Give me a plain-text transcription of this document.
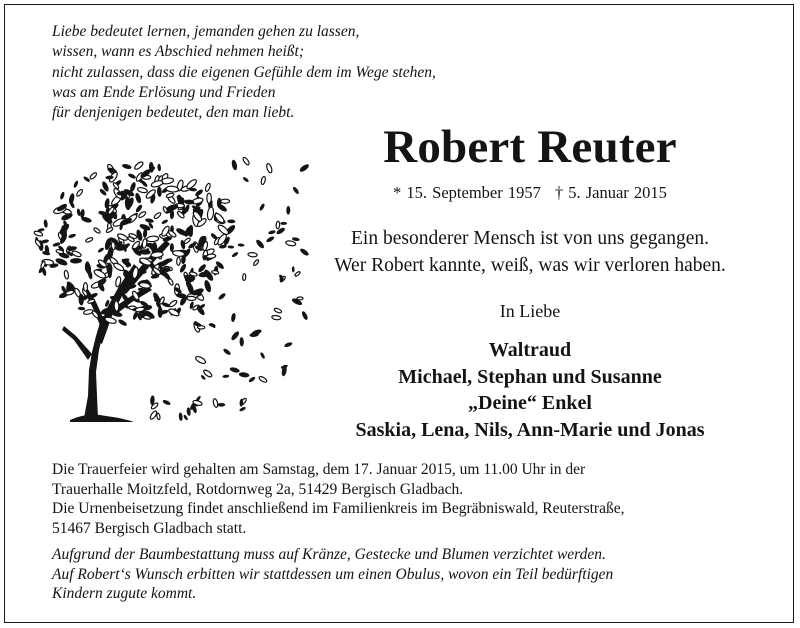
Liebe bedeutet lernen, jemanden gehen zu lassen,
wissen, wann es Abschied nehmen heißt;
nicht zulassen, dass die eigenen Gefühle dem im Wege stehen,
was am Ende Erlösung und Frieden
für denjenigen bedeutet, den man liebt.
Robert Reuter
* 15. September 1957 † 5. Januar 2015
Ein besonderer Mensch ist von uns gegangen.
Wer Robert kannte, weiß, was wir verloren haben.
In Liebe
Waltraud
Michael, Stephan und Susanne
„Deine“ Enkel
Saskia, Lena, Nils, Ann-Marie und Jonas
Die Trauerfeier wird gehalten am Samstag, dem 17. Januar 2015, um 11.00 Uhr in der
Trauerhalle Moitzfeld, Rotdornweg 2a, 51429 Bergisch Gladbach.
Die Urnenbeisetzung findet anschließend im Familienkreis im Begräbniswald, Reuterstraße,
51467 Bergisch Gladbach statt.
Aufgrund der Baumbestattung muss auf Kränze, Gestecke und Blumen verzichtet werden.
Auf Robert‘s Wunsch erbitten wir stattdessen um einen Obulus, wovon ein Teil bedürftigen
Kindern zugute kommt.
